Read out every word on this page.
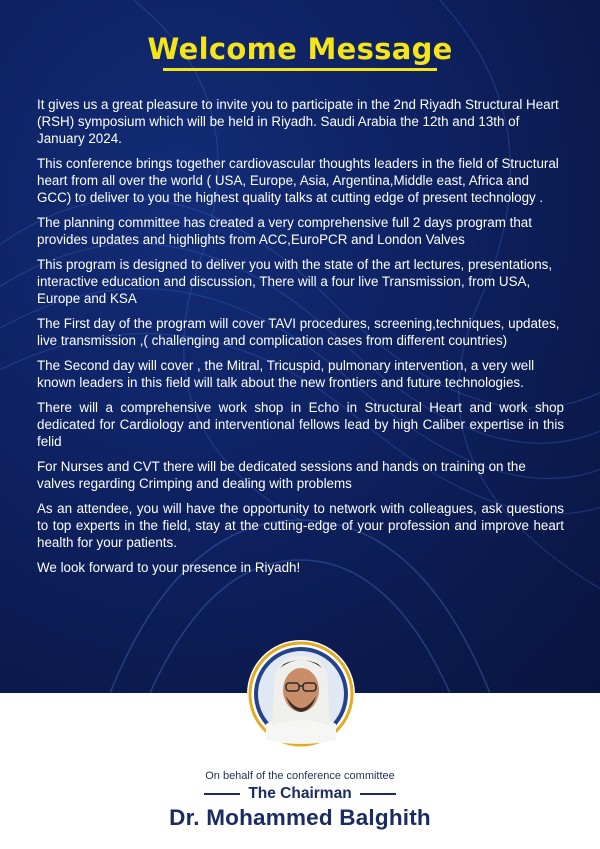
Welcome Message

It gives us a great pleasure to invite you to participate in the 2nd Riyadh Structural Heart (RSH) symposium which will be held in Riyadh. Saudi Arabia the 12th and 13th of January 2024.

This conference brings together cardiovascular thoughts leaders in the field of Structural heart from all over the world ( USA, Europe, Asia, Argentina,Middle east, Africa and GCC) to deliver to you the highest quality talks at cutting edge of present technology .

The planning committee has created a very comprehensive full 2 days program that provides updates and highlights from ACC,EuroPCR and London Valves

This program is designed to deliver you with the state of the art lectures, presentations, interactive education and discussion, There will a four live Transmission, from USA, Europe and KSA

The First day of the program will cover TAVI procedures, screening,techniques, updates, live transmission ,( challenging and complication cases from different countries)

The Second day will cover , the Mitral, Tricuspid, pulmonary intervention, a very well known leaders in this field will talk about the new frontiers and future technologies.

There will a comprehensive work shop in Echo in Structural Heart and work shop dedicated for Cardiology and interventional fellows lead by high Caliber expertise in this felid

For Nurses and CVT there will be dedicated sessions and hands on training on the valves regarding Crimping and dealing with problems

As an attendee, you will have the opportunity to network with colleagues, ask questions to top experts in the field, stay at the cutting-edge of your profession and improve heart health for your patients.

We look forward to your presence in Riyadh!

On behalf of the conference committee
The Chairman
Dr. Mohammed Balghith
